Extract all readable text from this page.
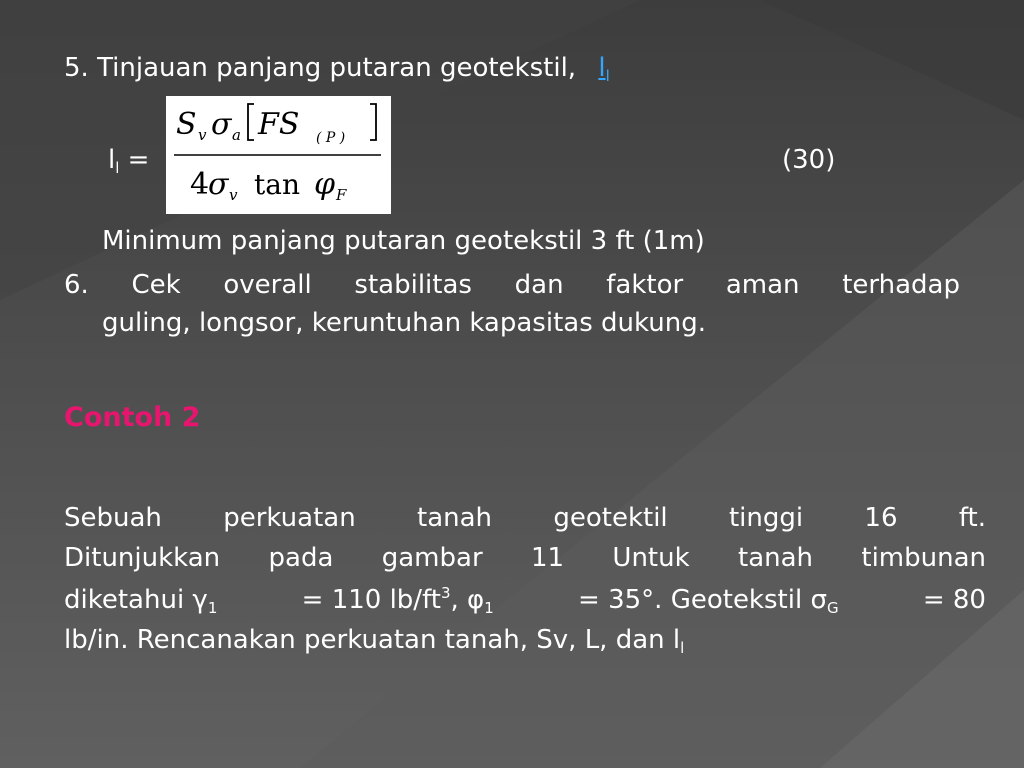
5. Tinjauan panjang putaran geotekstil, $l_l$
$l_l$ =	(30)
Minimum panjang putaran geotekstil 3 ft (1m)
6. Cek overall stabilitas dan faktor aman terhadap
guling, longsor, keruntuhan kapasitas dukung.
Contoh 2
Sebuah perkuatan tanah geotektil tinggi 16 ft.
Ditunjukkan pada gambar 11 Untuk tanah timbunan
diketahui $\gamma_1$	= 110 $lb/ft^3$, $\varphi_1$	= 35°. Geotekstil $\sigma_G$	= 80
lb/in. Rencanakan perkuatan tanah, Sv, L, dan $l_l$
S v σ a FS ( P )
4
σ v tan φ F
